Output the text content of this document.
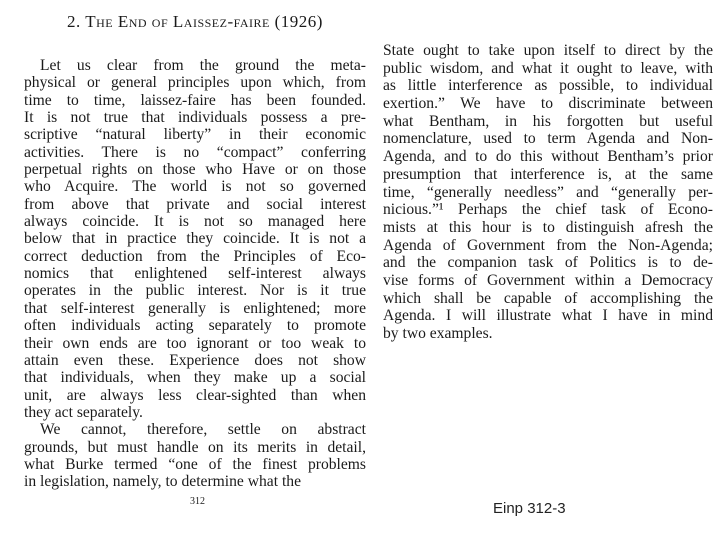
2. The End of Laissez-faire (1926)
Let us clear from the ground the meta-
physical or general principles upon which, from
time to time, laissez-faire has been founded.
It is not true that individuals possess a pre-
scriptive “natural liberty” in their economic
activities. There is no “compact” conferring
perpetual rights on those who Have or on those
who Acquire. The world is not so governed
from above that private and social interest
always coincide. It is not so managed here
below that in practice they coincide. It is not a
correct deduction from the Principles of Eco-
nomics that enlightened self-interest always
operates in the public interest. Nor is it true
that self-interest generally is enlightened; more
often individuals acting separately to promote
their own ends are too ignorant or too weak to
attain even these. Experience does not show
that individuals, when they make up a social
unit, are always less clear-sighted than when
they act separately.
We cannot, therefore, settle on abstract
grounds, but must handle on its merits in detail,
what Burke termed “one of the finest problems
in legislation, namely, to determine what the
State ought to take upon itself to direct by the
public wisdom, and what it ought to leave, with
as little interference as possible, to individual
exertion.” We have to discriminate between
what Bentham, in his forgotten but useful
nomenclature, used to term Agenda and Non-
Agenda, and to do this without Bentham’s prior
presumption that interference is, at the same
time, “generally needless” and “generally per-
nicious.”¹ Perhaps the chief task of Econo-
mists at this hour is to distinguish afresh the
Agenda of Government from the Non-Agenda;
and the companion task of Politics is to de-
vise forms of Government within a Democracy
which shall be capable of accomplishing the
Agenda. I will illustrate what I have in mind
by two examples.
312	Einp 312-3
